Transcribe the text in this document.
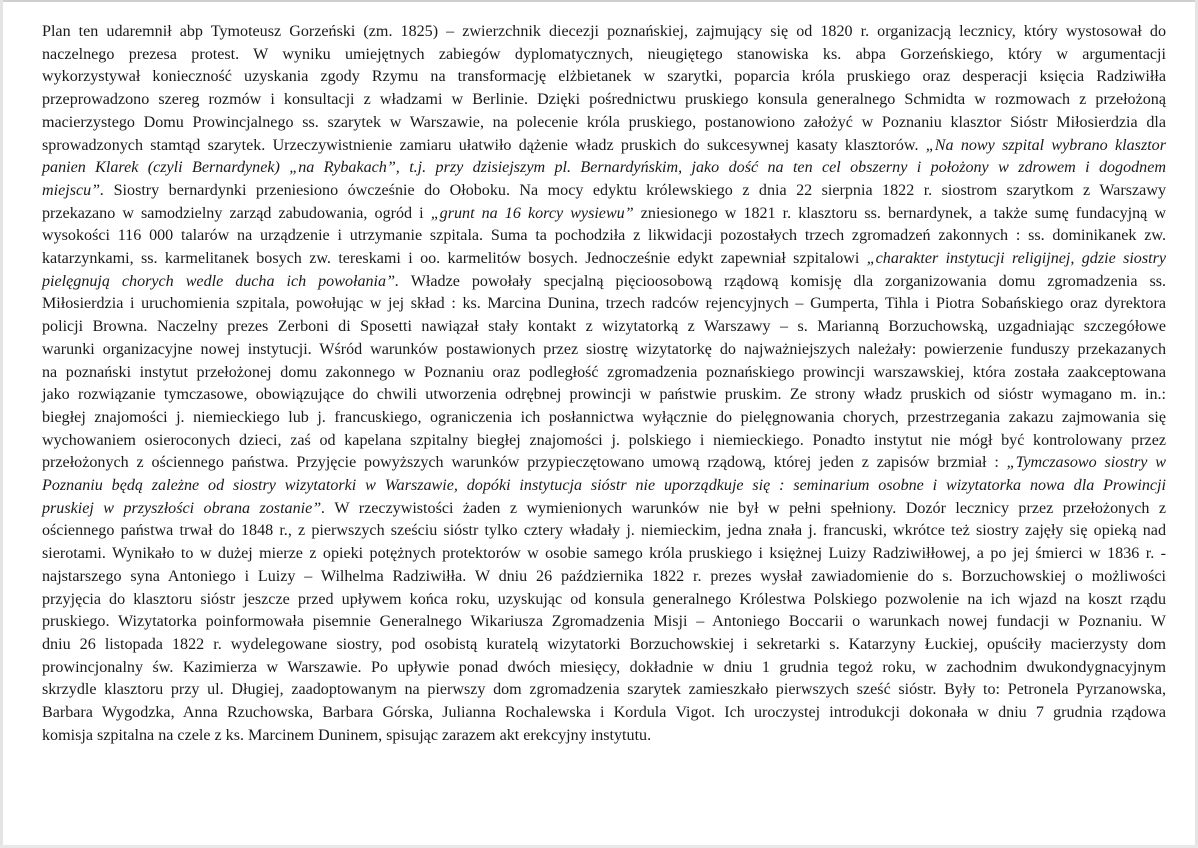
Plan ten udaremnił abp Tymoteusz Gorzeński (zm. 1825) – zwierzchnik diecezji poznańskiej, zajmujący się od 1820 r. organizacją lecznicy, który wystosował do
naczelnego prezesa protest. W wyniku umiejętnych zabiegów dyplomatycznych, nieugiętego stanowiska ks. abpa Gorzeńskiego, który w argumentacji
wykorzystywał konieczność uzyskania zgody Rzymu na transformację elżbietanek w szarytki, poparcia króla pruskiego oraz desperacji księcia Radziwiłła
przeprowadzono szereg rozmów i konsultacji z władzami w Berlinie. Dzięki pośrednictwu pruskiego konsula generalnego Schmidta w rozmowach z przełożoną
macierzystego Domu Prowincjalnego ss. szarytek w Warszawie, na polecenie króla pruskiego, postanowiono założyć w Poznaniu klasztor Sióstr Miłosierdzia dla
sprowadzonych stamtąd szarytek. Urzeczywistnienie zamiaru ułatwiło dążenie władz pruskich do sukcesywnej kasaty klasztorów. „Na nowy szpital wybrano klasztor
panien Klarek (czyli Bernardynek) „na Rybakach”, t.j. przy dzisiejszym pl. Bernardyńskim, jako dość na ten cel obszerny i położony w zdrowem i dogodnem
miejscu”. Siostry bernardynki przeniesiono ówcześnie do Ołoboku. Na mocy edyktu królewskiego z dnia 22 sierpnia 1822 r. siostrom szarytkom z Warszawy
przekazano w samodzielny zarząd zabudowania, ogród i „grunt na 16 korcy wysiewu” zniesionego w 1821 r. klasztoru ss. bernardynek, a także sumę fundacyjną w
wysokości 116 000 talarów na urządzenie i utrzymanie szpitala. Suma ta pochodziła z likwidacji pozostałych trzech zgromadzeń zakonnych : ss. dominikanek zw.
katarzynkami, ss. karmelitanek bosych zw. tereskami i oo. karmelitów bosych. Jednocześnie edykt zapewniał szpitalowi „charakter instytucji religijnej, gdzie siostry
pielęgnują chorych wedle ducha ich powołania”. Władze powołały specjalną pięcioosobową rządową komisję dla zorganizowania domu zgromadzenia ss.
Miłosierdzia i uruchomienia szpitala, powołując w jej skład : ks. Marcina Dunina, trzech radców rejencyjnych – Gumperta, Tihla i Piotra Sobańskiego oraz dyrektora
policji Browna. Naczelny prezes Zerboni di Sposetti nawiązał stały kontakt z wizytatorką z Warszawy – s. Marianną Borzuchowską, uzgadniając szczegółowe
warunki organizacyjne nowej instytucji. Wśród warunków postawionych przez siostrę wizytatorkę do najważniejszych należały: powierzenie funduszy przekazanych
na poznański instytut przełożonej domu zakonnego w Poznaniu oraz podległość zgromadzenia poznańskiego prowincji warszawskiej, która została zaakceptowana
jako rozwiązanie tymczasowe, obowiązujące do chwili utworzenia odrębnej prowincji w państwie pruskim. Ze strony władz pruskich od sióstr wymagano m. in.:
biegłej znajomości j. niemieckiego lub j. francuskiego, ograniczenia ich posłannictwa wyłącznie do pielęgnowania chorych, przestrzegania zakazu zajmowania się
wychowaniem osieroconych dzieci, zaś od kapelana szpitalny biegłej znajomości j. polskiego i niemieckiego. Ponadto instytut nie mógł być kontrolowany przez
przełożonych z ościennego państwa. Przyjęcie powyższych warunków przypieczętowano umową rządową, której jeden z zapisów brzmiał : „Tymczasowo siostry w
Poznaniu będą zależne od siostry wizytatorki w Warszawie, dopóki instytucja sióstr nie uporządkuje się : seminarium osobne i wizytatorka nowa dla Prowincji
pruskiej w przyszłości obrana zostanie”. W rzeczywistości żaden z wymienionych warunków nie był w pełni spełniony. Dozór lecznicy przez przełożonych z
ościennego państwa trwał do 1848 r., z pierwszych sześciu sióstr tylko cztery władały j. niemieckim, jedna znała j. francuski, wkrótce też siostry zajęły się opieką nad
sierotami. Wynikało to w dużej mierze z opieki potężnych protektorów w osobie samego króla pruskiego i księżnej Luizy Radziwiłłowej, a po jej śmierci w 1836 r. -
najstarszego syna Antoniego i Luizy – Wilhelma Radziwiłła. W dniu 26 października 1822 r. prezes wysłał zawiadomienie do s. Borzuchowskiej o możliwości
przyjęcia do klasztoru sióstr jeszcze przed upływem końca roku, uzyskując od konsula generalnego Królestwa Polskiego pozwolenie na ich wjazd na koszt rządu
pruskiego. Wizytatorka poinformowała pisemnie Generalnego Wikariusza Zgromadzenia Misji – Antoniego Boccarii o warunkach nowej fundacji w Poznaniu. W
dniu 26 listopada 1822 r. wydelegowane siostry, pod osobistą kuratelą wizytatorki Borzuchowskiej i sekretarki s. Katarzyny Łuckiej, opuściły macierzysty dom
prowincjonalny św. Kazimierza w Warszawie. Po upływie ponad dwóch miesięcy, dokładnie w dniu 1 grudnia tegoż roku, w zachodnim dwukondygnacyjnym
skrzydle klasztoru przy ul. Długiej, zaadoptowanym na pierwszy dom zgromadzenia szarytek zamieszkało pierwszych sześć sióstr. Były to: Petronela Pyrzanowska,
Barbara Wygodzka, Anna Rzuchowska, Barbara Górska, Julianna Rochalewska i Kordula Vigot. Ich uroczystej introdukcji dokonała w dniu 7 grudnia rządowa
komisja szpitalna na czele z ks. Marcinem Duninem, spisując zarazem akt erekcyjny instytutu.
